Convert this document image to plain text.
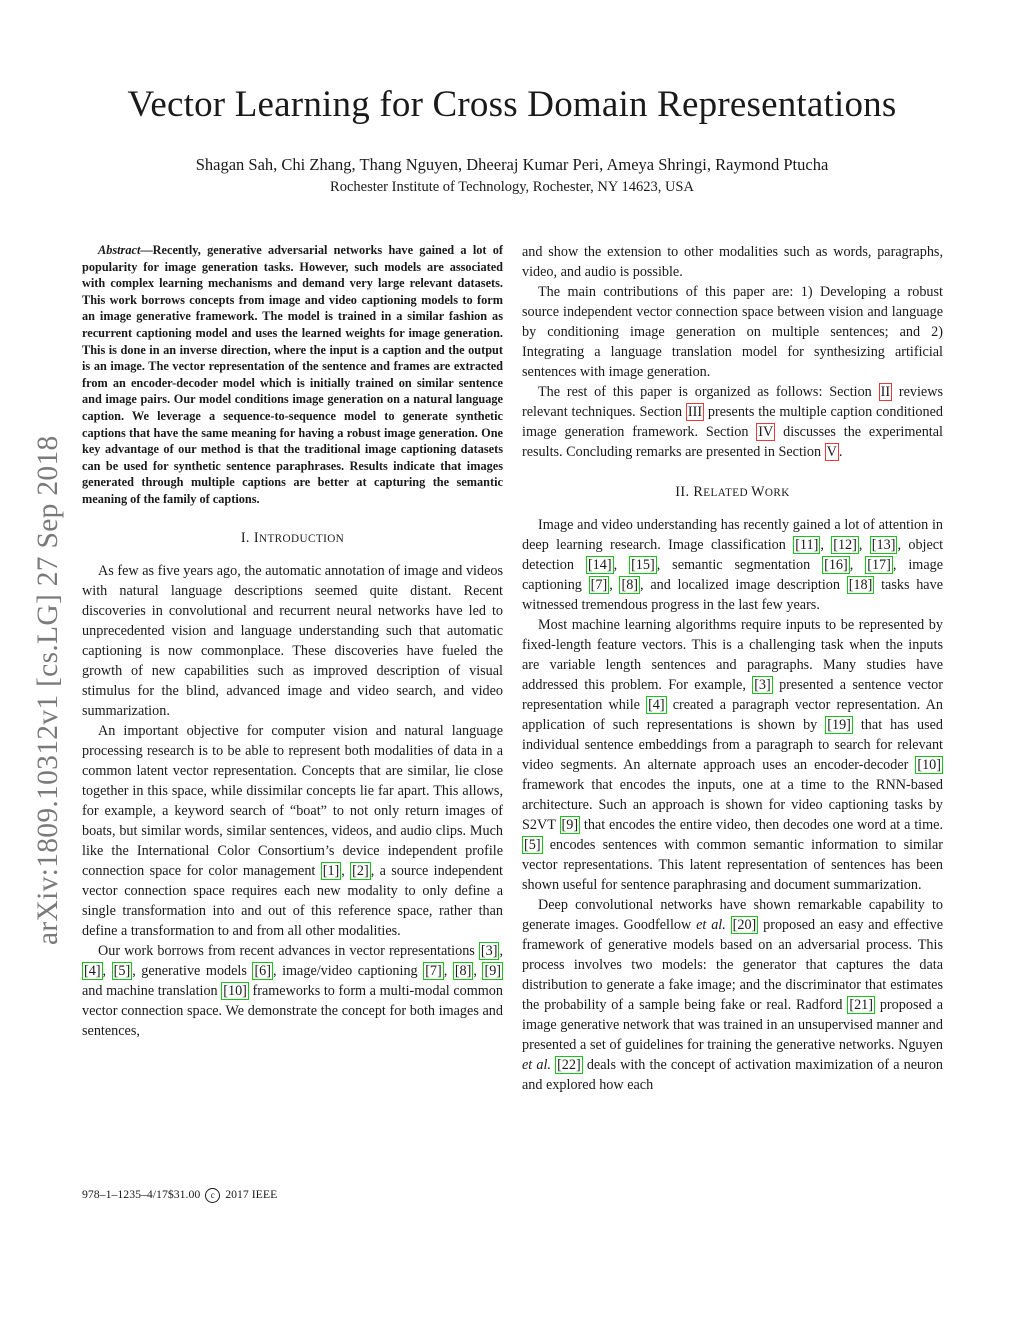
Vector Learning for Cross Domain Representations
Shagan Sah, Chi Zhang, Thang Nguyen, Dheeraj Kumar Peri, Ameya Shringi, Raymond Ptucha
Rochester Institute of Technology, Rochester, NY 14623, USA
arXiv:1809.10312v1 [cs.LG] 27 Sep 2018

Abstract—Recently, generative adversarial networks have gained a lot of popularity for image generation tasks. However, such models are associated with complex learning mechanisms and demand very large relevant datasets. This work borrows concepts from image and video captioning models to form an image generative framework. The model is trained in a similar fashion as recurrent captioning model and uses the learned weights for image generation. This is done in an inverse direction, where the input is a caption and the output is an image. The vector representation of the sentence and frames are extracted from an encoder-decoder model which is initially trained on similar sentence and image pairs. Our model conditions image generation on a natural language caption. We leverage a sequence-to-sequence model to generate synthetic captions that have the same meaning for having a robust image generation. One key advantage of our method is that the traditional image captioning datasets can be used for synthetic sentence paraphrases. Results indicate that images generated through multiple captions are better at capturing the semantic meaning of the family of captions.

I. INTRODUCTION

As few as five years ago, the automatic annotation of image and videos with natural language descriptions seemed quite distant. Recent discoveries in convolutional and recurrent neural networks have led to unprecedented vision and language understanding such that automatic captioning is now commonplace. These discoveries have fueled the growth of new capabilities such as improved description of visual stimulus for the blind, advanced image and video search, and video summarization.

An important objective for computer vision and natural language processing research is to be able to represent both modalities of data in a common latent vector representation. Concepts that are similar, lie close together in this space, while dissimilar concepts lie far apart. This allows, for example, a keyword search of “boat” to not only return images of boats, but similar words, similar sentences, videos, and audio clips. Much like the International Color Consortium’s device independent profile connection space for color management [1] , [2] , a source independent vector connection space requires each new modality to only define a single transformation into and out of this reference space, rather than define a transformation to and from all other modalities.

Our work borrows from recent advances in vector representations [3] , [4] , [5] , generative models [6] , image/video captioning [7] , [8] , [9] and machine translation [10] frameworks to form a multi-modal common vector connection space. We demonstrate the concept for both images and sentences,

and show the extension to other modalities such as words, paragraphs, video, and audio is possible.

The main contributions of this paper are: 1) Developing a robust source independent vector connection space between vision and language by conditioning image generation on multiple sentences; and 2) Integrating a language translation model for synthesizing artificial sentences with image generation.

The rest of this paper is organized as follows: Section II reviews relevant techniques. Section III presents the multiple caption conditioned image generation framework. Section IV discusses the experimental results. Concluding remarks are presented in Section V .

II. RELATED WORK

Image and video understanding has recently gained a lot of attention in deep learning research. Image classification [11] , [12] , [13] , object detection [14] , [15] , semantic segmentation [16] , [17] , image captioning [7] , [8] , and localized image description [18] tasks have witnessed tremendous progress in the last few years.

Most machine learning algorithms require inputs to be represented by fixed-length feature vectors. This is a challenging task when the inputs are variable length sentences and paragraphs. Many studies have addressed this problem. For example, [3] presented a sentence vector representation while [4] created a paragraph vector representation. An application of such representations is shown by [19] that has used individual sentence embeddings from a paragraph to search for relevant video segments. An alternate approach uses an encoder-decoder [10] framework that encodes the inputs, one at a time to the RNN-based architecture. Such an approach is shown for video captioning tasks by S2VT [9] that encodes the entire video, then decodes one word at a time. [5] encodes sentences with common semantic information to similar vector representations. This latent representation of sentences has been shown useful for sentence paraphrasing and document summarization.

Deep convolutional networks have shown remarkable capability to generate images. Goodfellow et al. [20] proposed an easy and effective framework of generative models based on an adversarial process. This process involves two models: the generator that captures the data distribution to generate a fake image; and the discriminator that estimates the probability of a sample being fake or real. Radford [21] proposed a image generative network that was trained in an unsupervised manner and presented a set of guidelines for training the generative networks. Nguyen et al. [22] deals with the concept of activation maximization of a neuron and explored how each

978–1–1235–4/17$31.00 c 2017 IEEE
